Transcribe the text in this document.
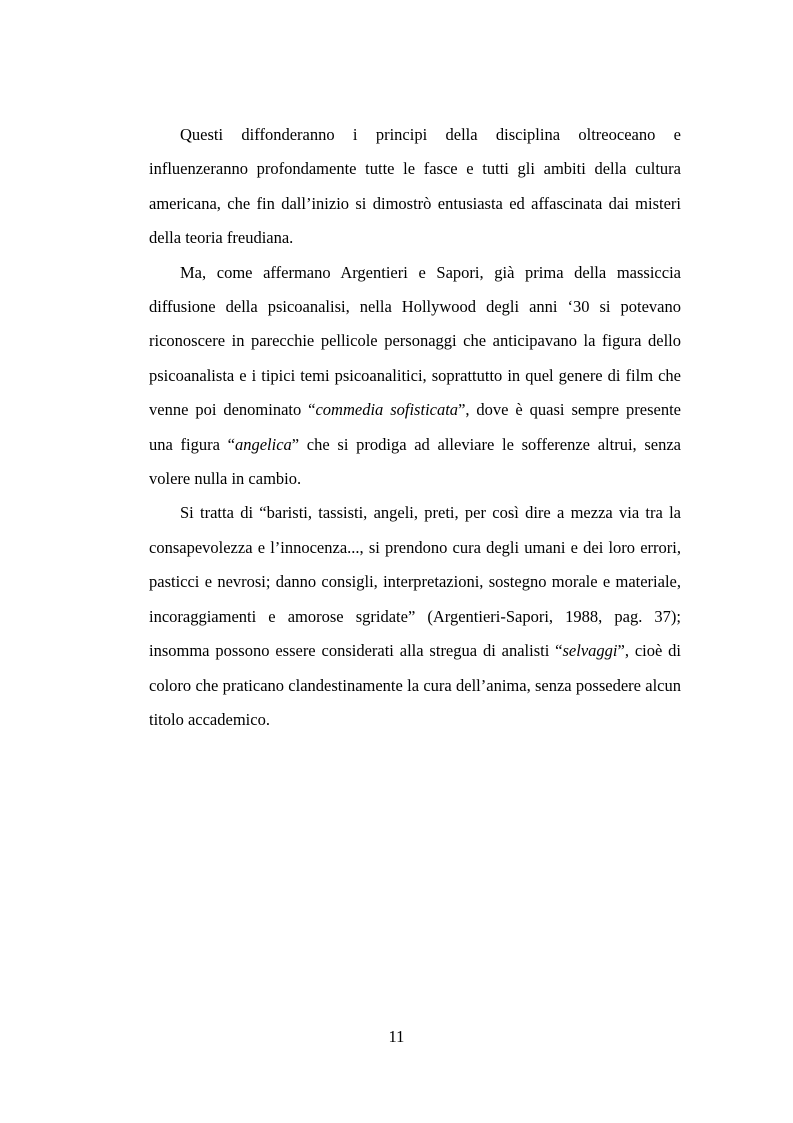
Questi diffonderanno i principi della disciplina oltreoceano e influenzeranno profondamente tutte le fasce e tutti gli ambiti della cultura americana, che fin dall’inizio si dimostrò entusiasta ed affascinata dai misteri della teoria freudiana.

Ma, come affermano Argentieri e Sapori, già prima della massiccia diffusione della psicoanalisi, nella Hollywood degli anni ‘30 si potevano riconoscere in parecchie pellicole personaggi che anticipavano la figura dello psicoanalista e i tipici temi psicoanalitici, soprattutto in quel genere di film che venne poi denominato “commedia sofisticata”, dove è quasi sempre presente una figura “angelica” che si prodiga ad alleviare le sofferenze altrui, senza volere nulla in cambio.

Si tratta di “baristi, tassisti, angeli, preti, per così dire a mezza via tra la consapevolezza e l’innocenza..., si prendono cura degli umani e dei loro errori, pasticci e nevrosi; danno consigli, interpretazioni, sostegno morale e materiale, incoraggiamenti e amorose sgridate” (Argentieri-Sapori, 1988, pag. 37); insomma possono essere considerati alla stregua di analisti “selvaggi”, cioè di coloro che praticano clandestinamente la cura dell’anima, senza possedere alcun titolo accademico.

11
